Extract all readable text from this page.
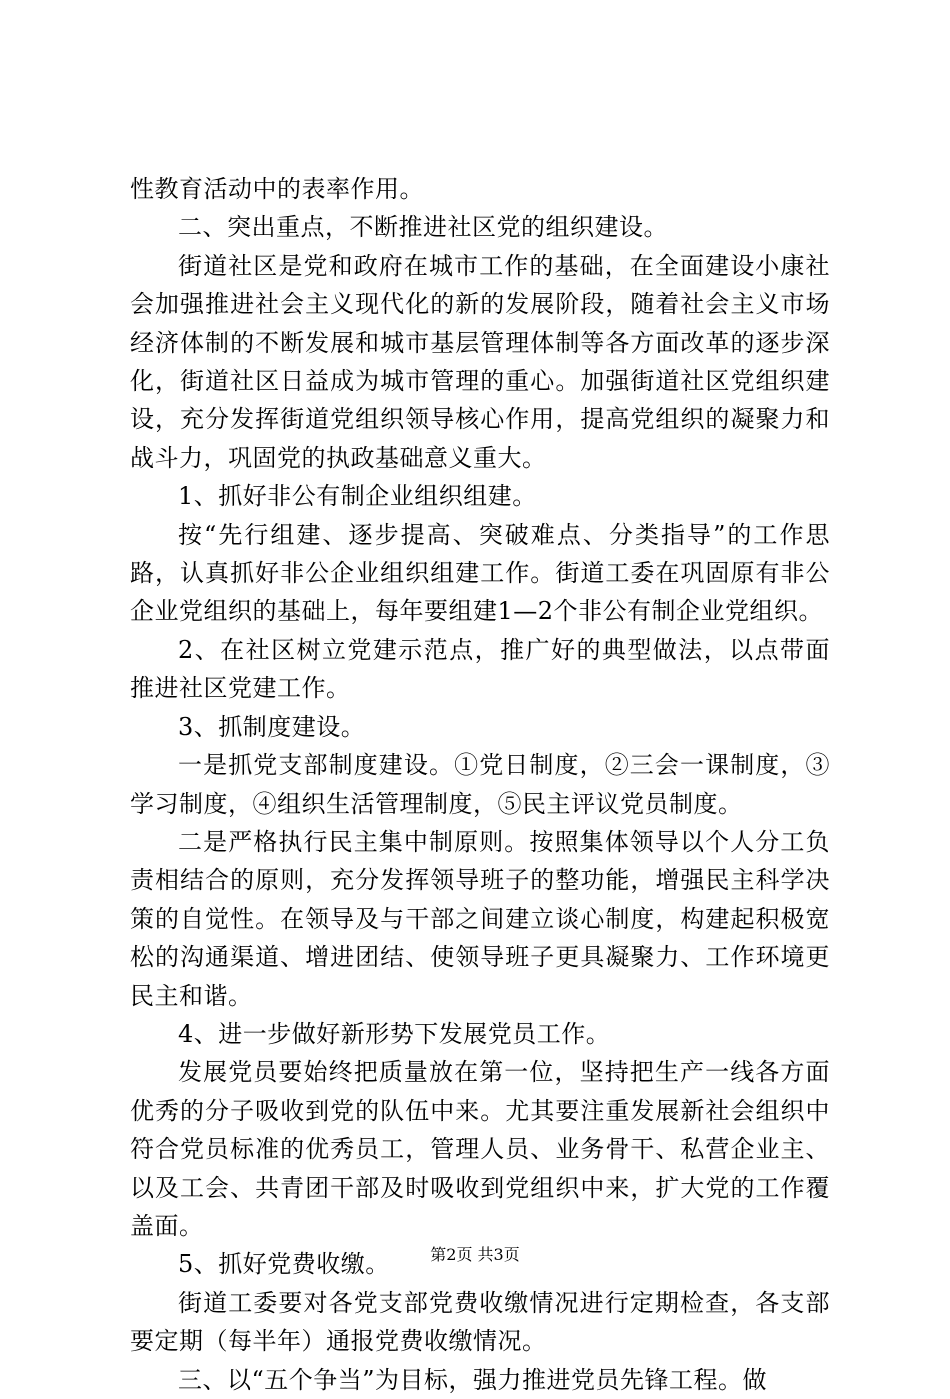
性教育活动中的表率作用。

二、突出重点，不断推进社区党的组织建设。

街道社区是党和政府在城市工作的基础，在全面建设小康社会加强推进社会主义现代化的新的发展阶段，随着社会主义市场经济体制的不断发展和城市基层管理体制等各方面改革的逐步深化，街道社区日益成为城市管理的重心。加强街道社区党组织建设，充分发挥街道党组织领导核心作用，提高党组织的凝聚力和战斗力，巩固党的执政基础意义重大。

1、抓好非公有制企业组织组建。

按“先行组建、逐步提高、突破难点、分类指导”的工作思路，认真抓好非公企业组织组建工作。街道工委在巩固原有非公企业党组织的基础上，每年要组建1—2个非公有制企业党组织。

2、在社区树立党建示范点，推广好的典型做法，以点带面推进社区党建工作。

3、抓制度建设。

一是抓党支部制度建设。①党日制度，②三会一课制度，③学习制度，④组织生活管理制度，⑤民主评议党员制度。

二是严格执行民主集中制原则。按照集体领导以个人分工负责相结合的原则，充分发挥领导班子的整功能，增强民主科学决策的自觉性。在领导及与干部之间建立谈心制度，构建起积极宽松的沟通渠道、增进团结、使领导班子更具凝聚力、工作环境更民主和谐。

4、进一步做好新形势下发展党员工作。

发展党员要始终把质量放在第一位，坚持把生产一线各方面优秀的分子吸收到党的队伍中来。尤其要注重发展新社会组织中符合党员标准的优秀员工，管理人员、业务骨干、私营企业主、以及工会、共青团干部及时吸收到党组织中来，扩大党的工作覆盖面。

5、抓好党费收缴。

街道工委要对各党支部党费收缴情况进行定期检查，各支部要定期（每半年）通报党费收缴情况。

三、以“五个争当”为目标，强力推进党员先锋工程。做

第2页 共3页
